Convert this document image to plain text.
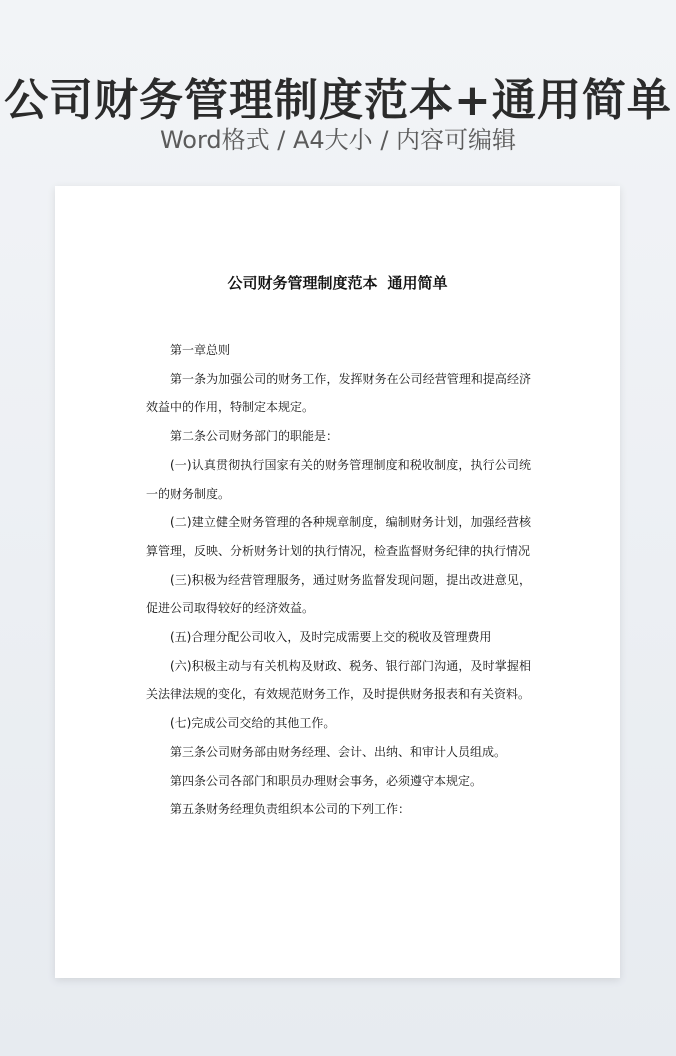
公司财务管理制度范本+通用简单
Word格式 / A4大小 / 内容可编辑
公司财务管理制度范本 通用简单

第一章总则

第一条为加强公司的财务工作，发挥财务在公司经营管理和提高经济效益中的作用，特制定本规定。

第二条公司财务部门的职能是：

(一)认真贯彻执行国家有关的财务管理制度和税收制度，执行公司统一的财务制度。

(二)建立健全财务管理的各种规章制度，编制财务计划，加强经营核算管理，反映、分析财务计划的执行情况，检查监督财务纪律的执行情况

(三)积极为经营管理服务，通过财务监督发现问题，提出改进意见，促进公司取得较好的经济效益。

(五)合理分配公司收入，及时完成需要上交的税收及管理费用

(六)积极主动与有关机构及财政、税务、银行部门沟通，及时掌握相关法律法规的变化，有效规范财务工作，及时提供财务报表和有关资料。

(七)完成公司交给的其他工作。

第三条公司财务部由财务经理、会计、出纳、和审计人员组成。

第四条公司各部门和职员办理财会事务，必须遵守本规定。

第五条财务经理负责组织本公司的下列工作：
